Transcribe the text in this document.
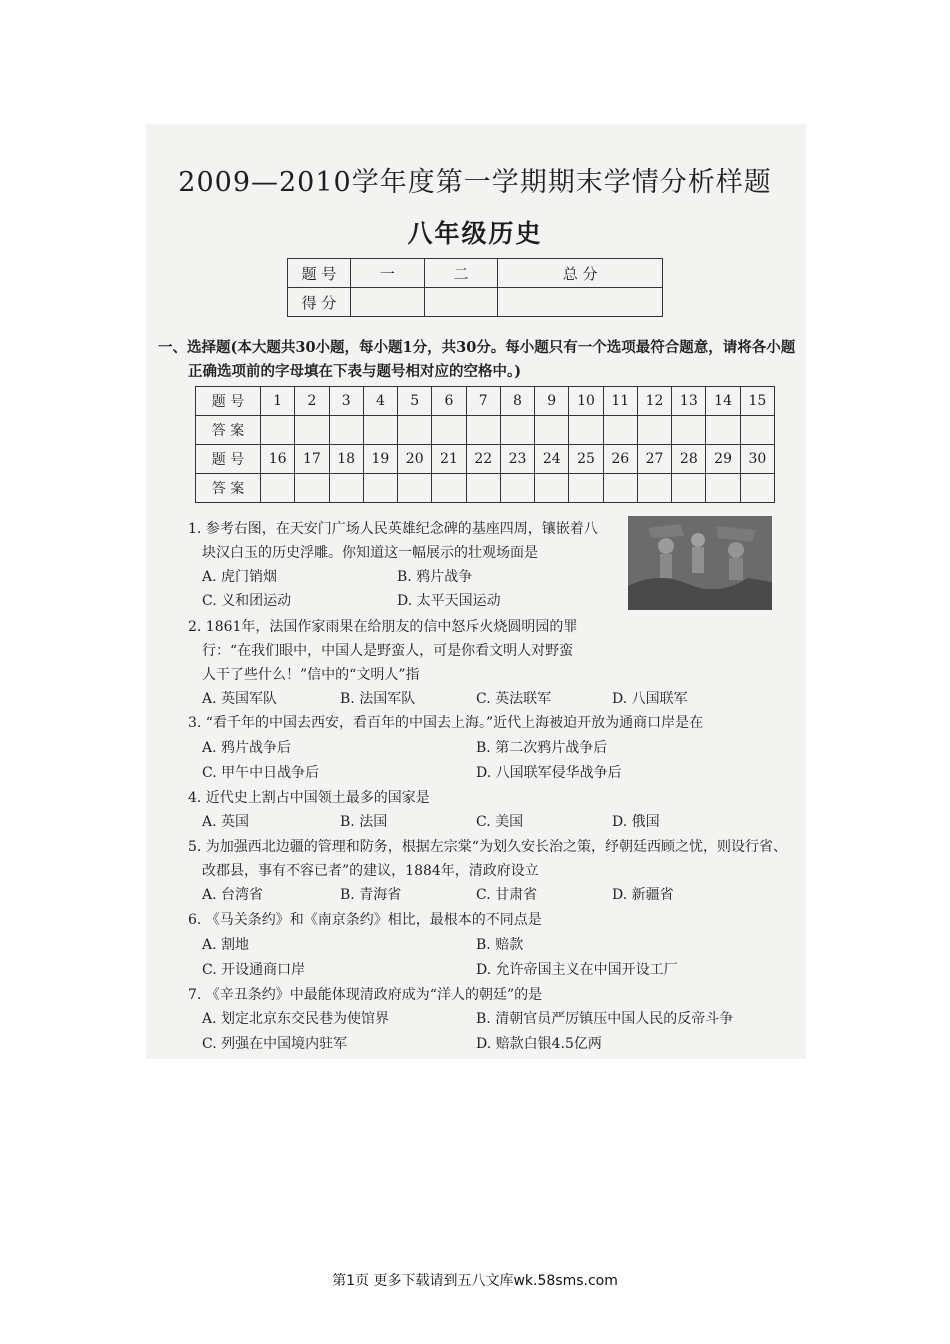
2009—2010学年度第一学期期末学情分析样题
八年级历史
题 号	一	二	总 分
得 分			
一、选择题(本大题共30小题，每小题1分，共30分。每小题只有一个选项最符合题意，请将各小题
正确选项前的字母填在下表与题号相对应的空格中。)
题 号	1	2	3	4	5	6	7	8	9	10	11	12	13	14	15
答 案															
题 号	16	17	18	19	20	21	22	23	24	25	26	27	28	29	30
答 案															
1. 参考右图，在天安门广场人民英雄纪念碑的基座四周，镶嵌着八
块汉白玉的历史浮雕。你知道这一幅展示的壮观场面是
A. 虎门销烟	B. 鸦片战争
C. 义和团运动	D. 太平天国运动
2. 1861年，法国作家雨果在给朋友的信中怒斥火烧圆明园的罪
行：“在我们眼中，中国人是野蛮人，可是你看文明人对野蛮
人干了些什么！”信中的“文明人”指
A. 英国军队	B. 法国军队	C. 英法联军	D. 八国联军
3. “看千年的中国去西安，看百年的中国去上海。”近代上海被迫开放为通商口岸是在
A. 鸦片战争后	B. 第二次鸦片战争后
C. 甲午中日战争后	D. 八国联军侵华战争后
4. 近代史上割占中国领土最多的国家是
A. 英国	B. 法国	C. 美国	D. 俄国
5. 为加强西北边疆的管理和防务，根据左宗棠“为划久安长治之策，纾朝廷西顾之忧，则设行省、
改郡县，事有不容已者”的建议，1884年，清政府设立
A. 台湾省	B. 青海省	C. 甘肃省	D. 新疆省
6. 《马关条约》和《南京条约》相比，最根本的不同点是
A. 割地	B. 赔款
C. 开设通商口岸	D. 允许帝国主义在中国开设工厂
7. 《辛丑条约》中最能体现清政府成为“洋人的朝廷”的是
A. 划定北京东交民巷为使馆界	B. 清朝官员严厉镇压中国人民的反帝斗争
C. 列强在中国境内驻军	D. 赔款白银4.5亿两
第1页 更多下载请到五八文库wk.58sms.com
